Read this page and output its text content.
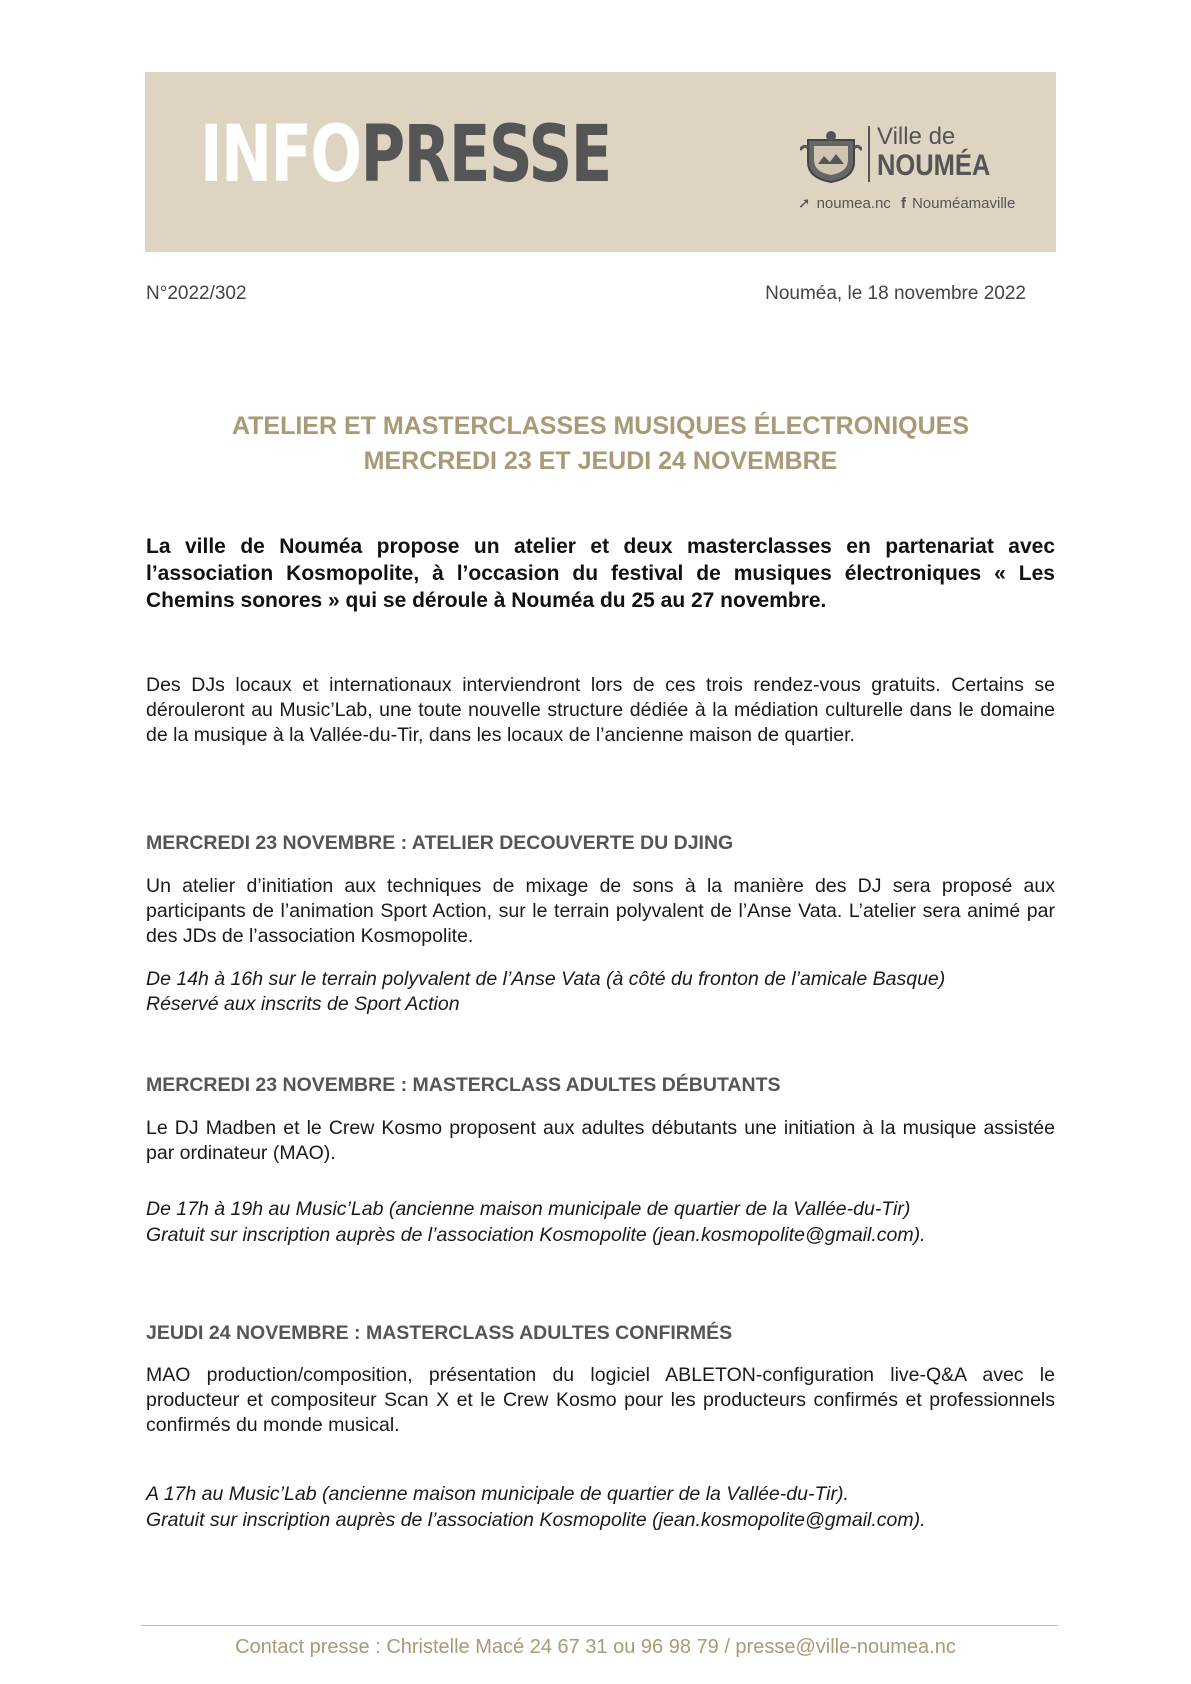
INFOPRESSE	Ville de
NOUMÉA
➚ noumea.nc f Nouméamaville
N°2022/302	Nouméa, le 18 novembre 2022
ATELIER ET MASTERCLASSES MUSIQUES ÉLECTRONIQUES
MERCREDI 23 ET JEUDI 24 NOVEMBRE
La ville de Nouméa propose un atelier et deux masterclasses en partenariat avec l’association Kosmopolite, à l’occasion du festival de musiques électroniques « Les Chemins sonores » qui se déroule à Nouméa du 25 au 27 novembre.
Des DJs locaux et internationaux interviendront lors de ces trois rendez-vous gratuits. Certains se dérouleront au Music’Lab, une toute nouvelle structure dédiée à la médiation culturelle dans le domaine de la musique à la Vallée-du-Tir, dans les locaux de l’ancienne maison de quartier.
MERCREDI 23 NOVEMBRE : ATELIER DECOUVERTE DU DJING
Un atelier d’initiation aux techniques de mixage de sons à la manière des DJ sera proposé aux participants de l’animation Sport Action, sur le terrain polyvalent de l’Anse Vata. L’atelier sera animé par des JDs de l’association Kosmopolite.
De 14h à 16h sur le terrain polyvalent de l’Anse Vata (à côté du fronton de l’amicale Basque)
Réservé aux inscrits de Sport Action
MERCREDI 23 NOVEMBRE : MASTERCLASS ADULTES DÉBUTANTS
Le DJ Madben et le Crew Kosmo proposent aux adultes débutants une initiation à la musique assistée par ordinateur (MAO).
De 17h à 19h au Music’Lab (ancienne maison municipale de quartier de la Vallée-du-Tir)
Gratuit sur inscription auprès de l’association Kosmopolite (jean.kosmopolite@gmail.com).
JEUDI 24 NOVEMBRE : MASTERCLASS ADULTES CONFIRMÉS
MAO production/composition, présentation du logiciel ABLETON-configuration live-Q&A avec le producteur et compositeur Scan X et le Crew Kosmo pour les producteurs confirmés et professionnels confirmés du monde musical.
A 17h au Music’Lab (ancienne maison municipale de quartier de la Vallée-du-Tir).
Gratuit sur inscription auprès de l’association Kosmopolite (jean.kosmopolite@gmail.com).
Contact presse : Christelle Macé 24 67 31 ou 96 98 79 / presse@ville-noumea.nc
